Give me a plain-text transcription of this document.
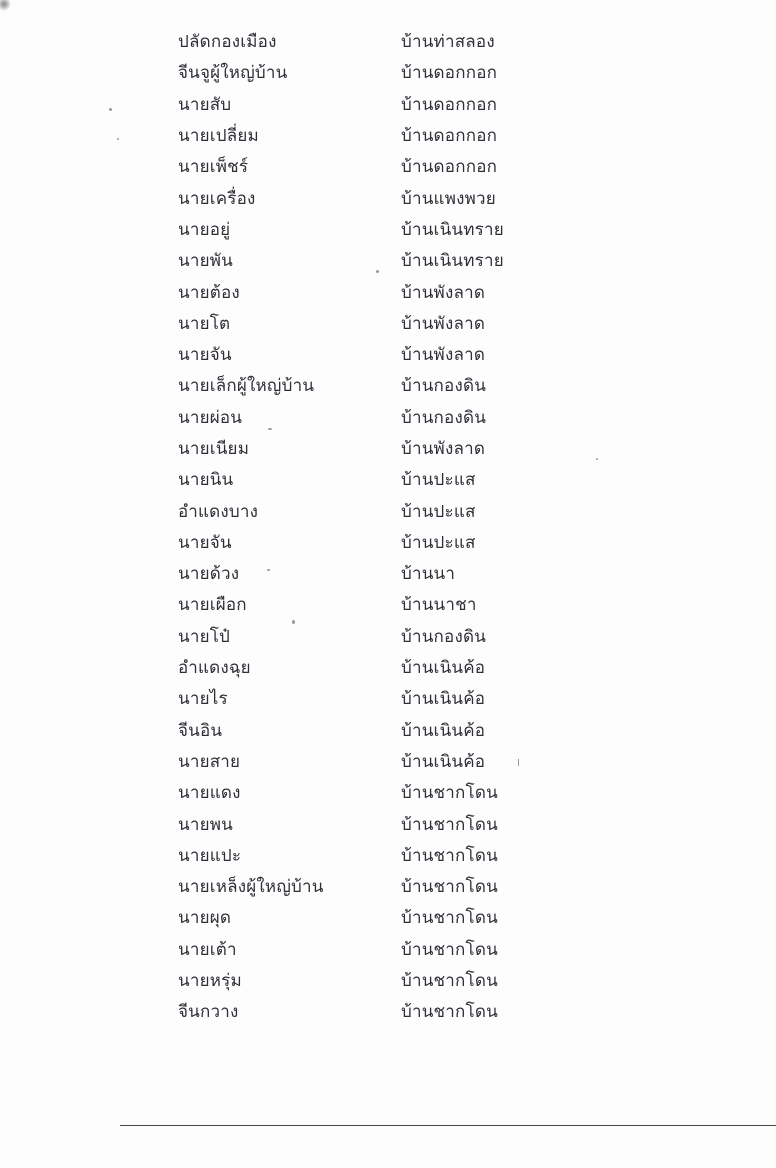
ปลัดกองเมือง	บ้านท่าสลอง
จีนจูผู้ใหญ่บ้าน	บ้านดอกกอก
นายสับ	บ้านดอกกอก
นายเปลี่ยม	บ้านดอกกอก
นายเพ็ชร์	บ้านดอกกอก
นายเครื่อง	บ้านแพงพวย
นายอยู่	บ้านเนินทราย
นายพัน	บ้านเนินทราย
นายต้อง	บ้านพังลาด
นายโต	บ้านพังลาด
นายจัน	บ้านพังลาด
นายเล็กผู้ใหญ่บ้าน	บ้านกองดิน
นายผ่อน	บ้านกองดิน
นายเนียม	บ้านพังลาด
นายนิน	บ้านปะแส
อำแดงบาง	บ้านปะแส
นายจัน	บ้านปะแส
นายด้วง	บ้านนา
นายเผือก	บ้านนาชา
นายโป๋	บ้านกองดิน
อำแดงฉุย	บ้านเนินค้อ
นายไร	บ้านเนินค้อ
จีนอิน	บ้านเนินค้อ
นายสาย	บ้านเนินค้อ
นายแดง	บ้านชากโดน
นายพน	บ้านชากโดน
นายแปะ	บ้านชากโดน
นายเหล็งผู้ใหญ่บ้าน	บ้านชากโดน
นายผุด	บ้านชากโดน
นายเต้า	บ้านชากโดน
นายหรุ่ม	บ้านชากโดน
จีนกวาง	บ้านชากโดน
